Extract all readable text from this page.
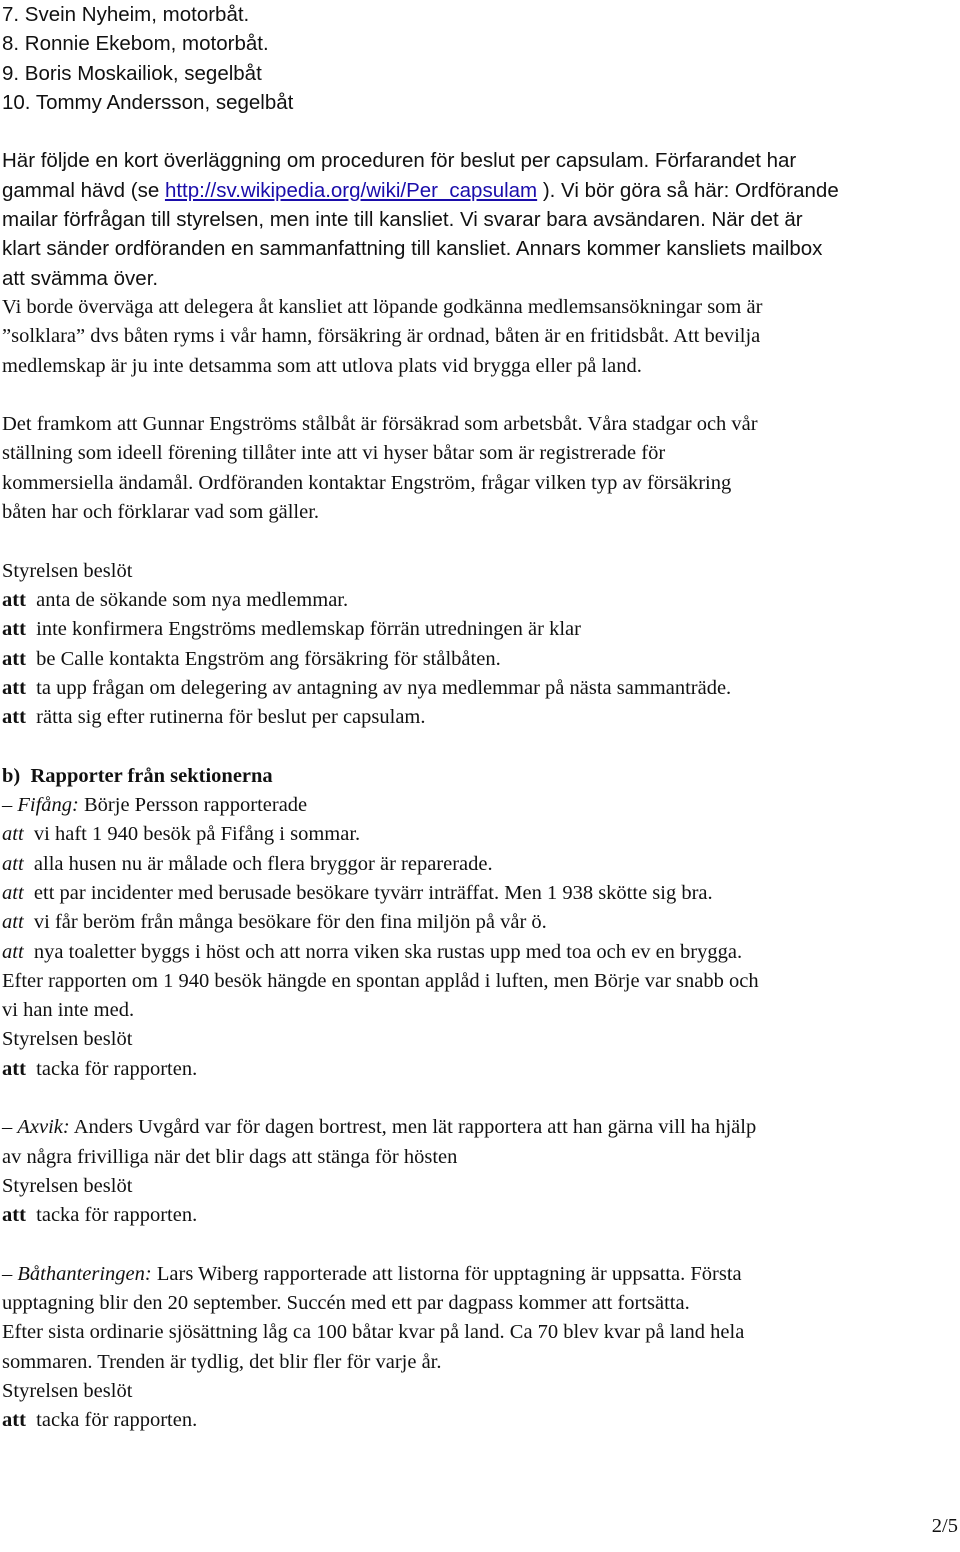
7. Svein Nyheim, motorbåt.

8. Ronnie Ekebom, motorbåt.

9. Boris Moskailiok, segelbåt

10. Tommy Andersson, segelbåt

Här följde en kort överläggning om proceduren för beslut per capsulam. Förfarandet har

gammal hävd (se http://sv.wikipedia.org/wiki/Per_capsulam ). Vi bör göra så här: Ordförande

mailar förfrågan till styrelsen, men inte till kansliet. Vi svarar bara avsändaren. När det är

klart sänder ordföranden en sammanfattning till kansliet. Annars kommer kansliets mailbox

att svämma över.

Vi borde överväga att delegera åt kansliet att löpande godkänna medlemsansökningar som är

”solklara” dvs båten ryms i vår hamn, försäkring är ordnad, båten är en fritidsbåt. Att bevilja

medlemskap är ju inte detsamma som att utlova plats vid brygga eller på land.

Det framkom att Gunnar Engströms stålbåt är försäkrad som arbetsbåt. Våra stadgar och vår

ställning som ideell förening tillåter inte att vi hyser båtar som är registrerade för

kommersiella ändamål. Ordföranden kontaktar Engström, frågar vilken typ av försäkring

båten har och förklarar vad som gäller.

Styrelsen beslöt

att anta de sökande som nya medlemmar.

att inte konfirmera Engströms medlemskap förrän utredningen är klar

att be Calle kontakta Engström ang försäkring för stålbåten.

att ta upp frågan om delegering av antagning av nya medlemmar på nästa sammanträde.

att rätta sig efter rutinerna för beslut per capsulam.

b) Rapporter från sektionerna

– Fifång: Börje Persson rapporterade

att vi haft 1 940 besök på Fifång i sommar.

att alla husen nu är målade och flera bryggor är reparerade.

att ett par incidenter med berusade besökare tyvärr inträffat. Men 1 938 skötte sig bra.

att vi får beröm från många besökare för den fina miljön på vår ö.

att nya toaletter byggs i höst och att norra viken ska rustas upp med toa och ev en brygga.

Efter rapporten om 1 940 besök hängde en spontan applåd i luften, men Börje var snabb och

vi han inte med.

Styrelsen beslöt

att tacka för rapporten.

– Axvik: Anders Uvgård var för dagen bortrest, men lät rapportera att han gärna vill ha hjälp

av några frivilliga när det blir dags att stänga för hösten

Styrelsen beslöt

att tacka för rapporten.

– Båthanteringen: Lars Wiberg rapporterade att listorna för upptagning är uppsatta. Första

upptagning blir den 20 september. Succén med ett par dagpass kommer att fortsätta.

Efter sista ordinarie sjösättning låg ca 100 båtar kvar på land. Ca 70 blev kvar på land hela

sommaren. Trenden är tydlig, det blir fler för varje år.

Styrelsen beslöt

att tacka för rapporten.

2/5
